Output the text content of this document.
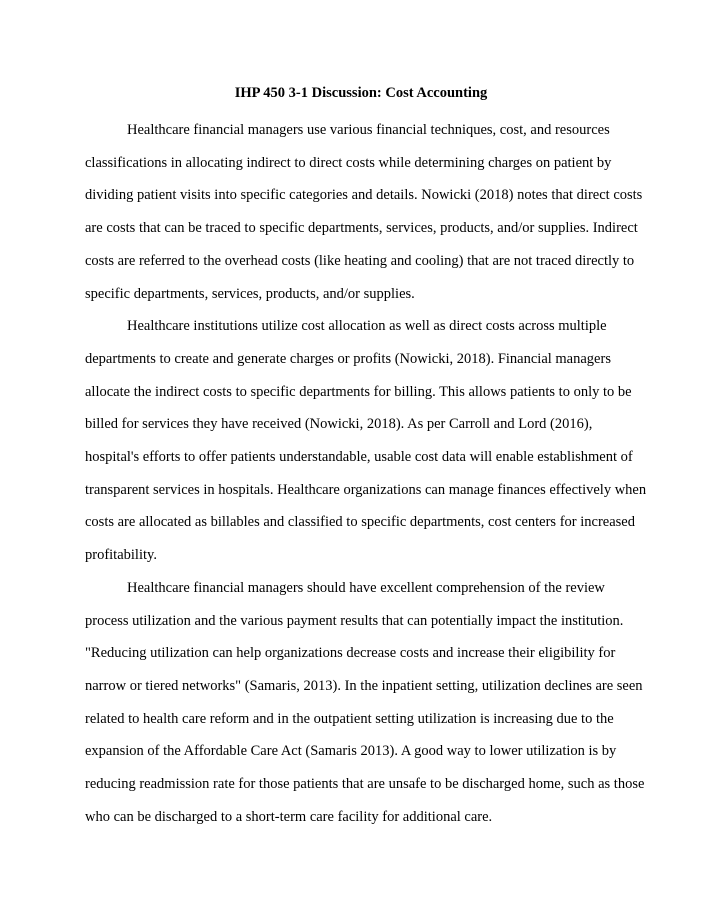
IHP 450 3-1 Discussion: Cost Accounting

Healthcare financial managers use various financial techniques, cost, and resources
classifications in allocating indirect to direct costs while determining charges on patient by
dividing patient visits into specific categories and details. Nowicki (2018) notes that direct costs
are costs that can be traced to specific departments, services, products, and/or supplies. Indirect
costs are referred to the overhead costs (like heating and cooling) that are not traced directly to
specific departments, services, products, and/or supplies.

Healthcare institutions utilize cost allocation as well as direct costs across multiple
departments to create and generate charges or profits (Nowicki, 2018). Financial managers
allocate the indirect costs to specific departments for billing. This allows patients to only to be
billed for services they have received (Nowicki, 2018). As per Carroll and Lord (2016),
hospital's efforts to offer patients understandable, usable cost data will enable establishment of
transparent services in hospitals. Healthcare organizations can manage finances effectively when
costs are allocated as billables and classified to specific departments, cost centers for increased
profitability.

Healthcare financial managers should have excellent comprehension of the review
process utilization and the various payment results that can potentially impact the institution.
"Reducing utilization can help organizations decrease costs and increase their eligibility for
narrow or tiered networks" (Samaris, 2013). In the inpatient setting, utilization declines are seen
related to health care reform and in the outpatient setting utilization is increasing due to the
expansion of the Affordable Care Act (Samaris 2013). A good way to lower utilization is by
reducing readmission rate for those patients that are unsafe to be discharged home, such as those
who can be discharged to a short-term care facility for additional care.
